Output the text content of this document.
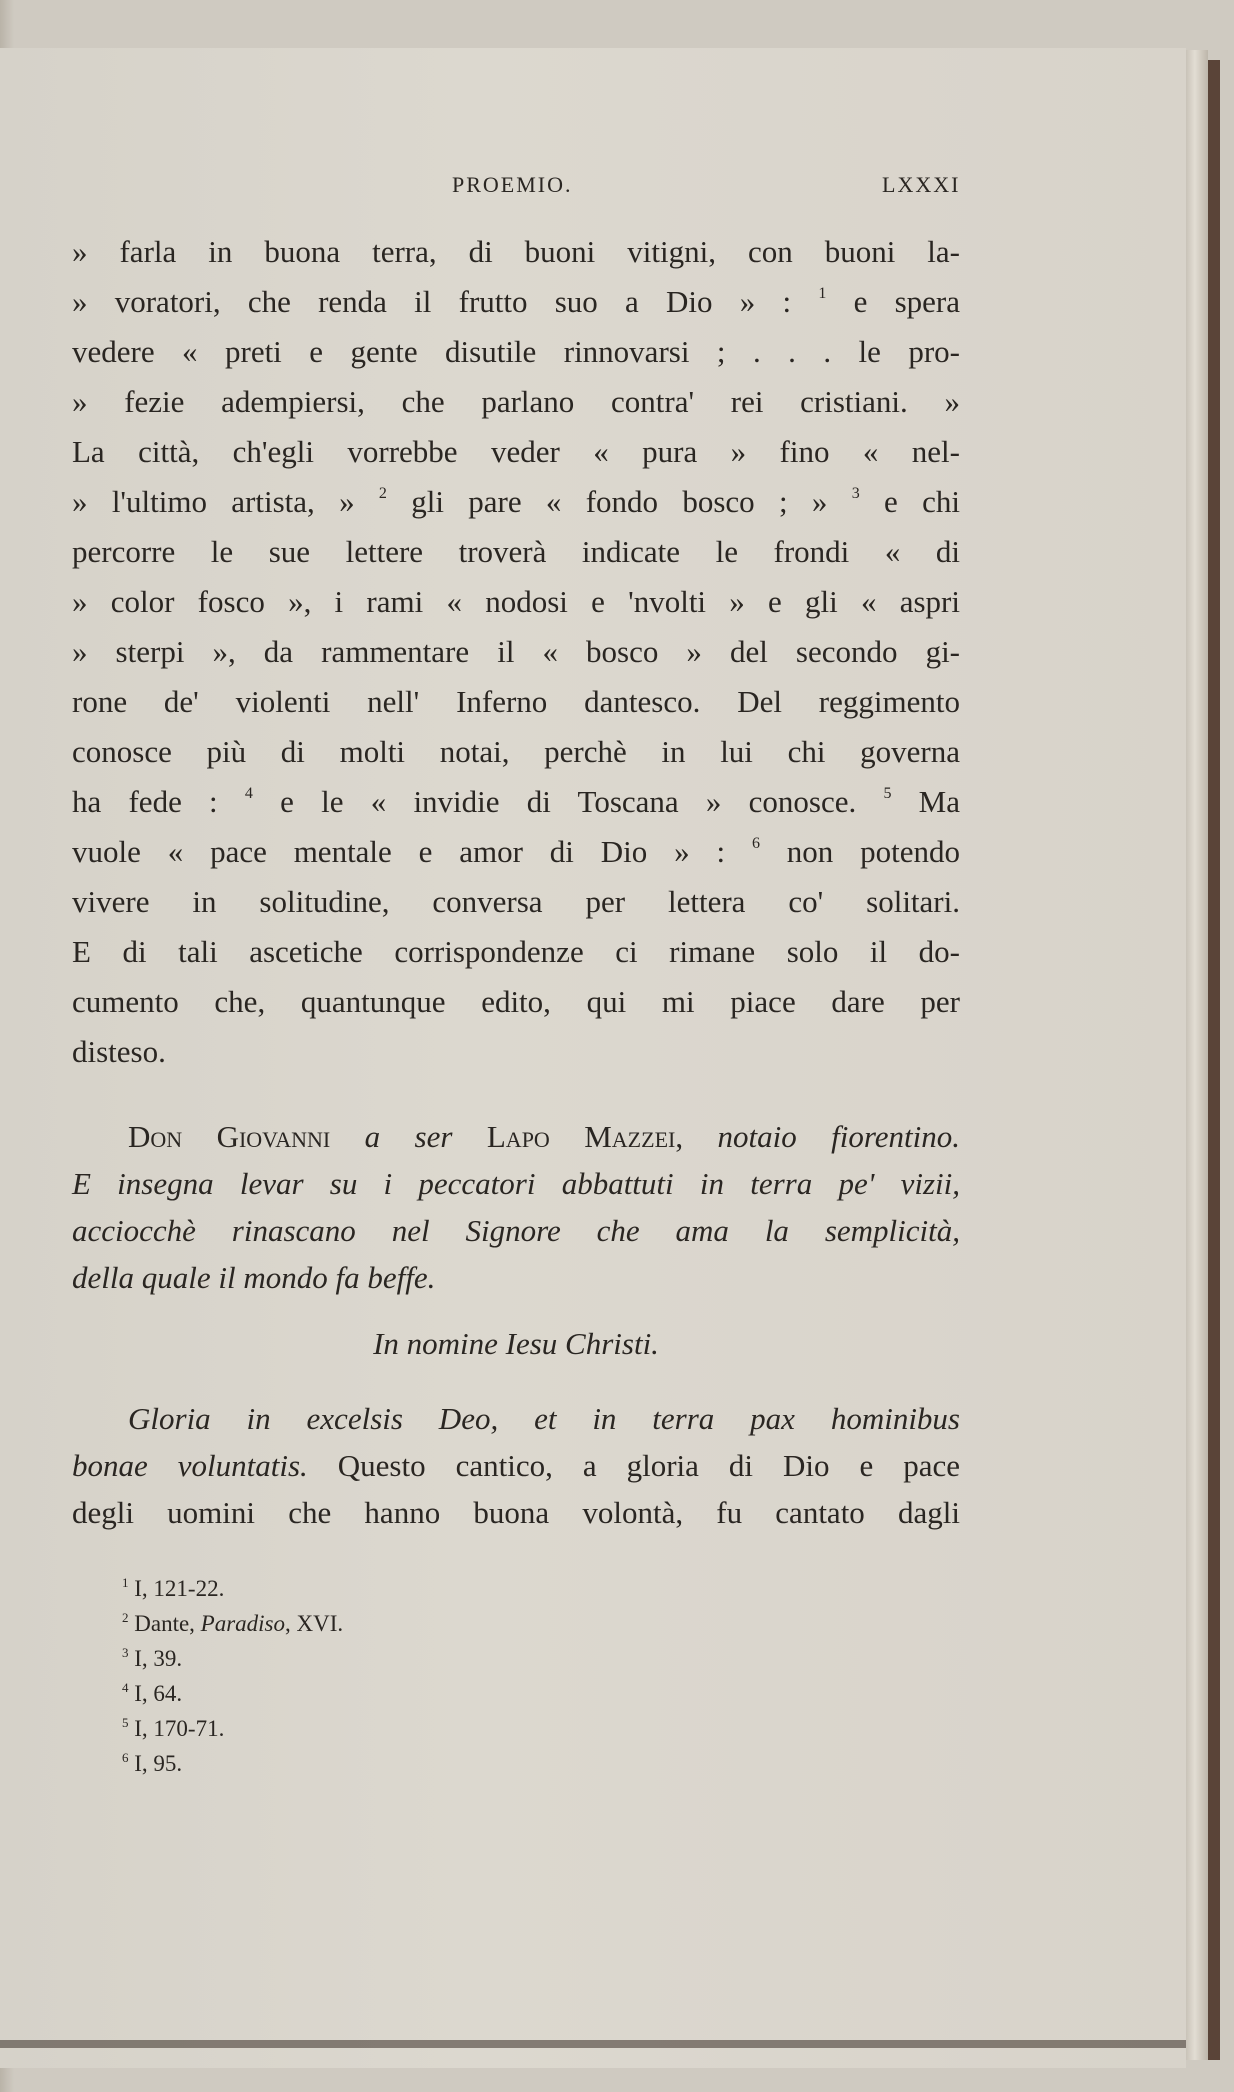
PROEMIO.	LXXXI
» farla in buona terra, di buoni vitigni, con buoni la-
» voratori, che renda il frutto suo a Dio » : $^1$ e spera
vedere « preti e gente disutile rinnovarsi ; . . . le pro-
» fezie adempiersi, che parlano contra' rei cristiani. »
La città, ch'egli vorrebbe veder « pura » fino « nel-
» l'ultimo artista, » $^2$ gli pare « fondo bosco ; » $^3$ e chi
percorre le sue lettere troverà indicate le frondi « di
» color fosco », i rami « nodosi e 'nvolti » e gli « aspri
» sterpi », da rammentare il « bosco » del secondo gi-
rone de' violenti nell' Inferno dantesco. Del reggimento
conosce più di molti notai, perchè in lui chi governa
ha fede : $^4$ e le « invidie di Toscana » conosce. $^5$ Ma
vuole « pace mentale e amor di Dio » : $^6$ non potendo
vivere in solitudine, conversa per lettera co' solitari.
E di tali ascetiche corrispondenze ci rimane solo il do-
cumento che, quantunque edito, qui mi piace dare per
disteso.
Don Giovanni a ser Lapo Mazzei, notaio fiorentino.
E insegna levar su i peccatori abbattuti in terra pe' vizii,
acciocchè rinascano nel Signore che ama la semplicità,
della quale il mondo fa beffe.
In nomine Iesu Christi.
Gloria in excelsis Deo, et in terra pax hominibus
bonae voluntatis. Questo cantico, a gloria di Dio e pace
degli uomini che hanno buona volontà, fu cantato dagli
$^1$ I, 121-22.
$^2$ Dante, Paradiso, XVI.
$^3$ I, 39.
$^4$ I, 64.
$^5$ I, 170-71.
$^6$ I, 95.
